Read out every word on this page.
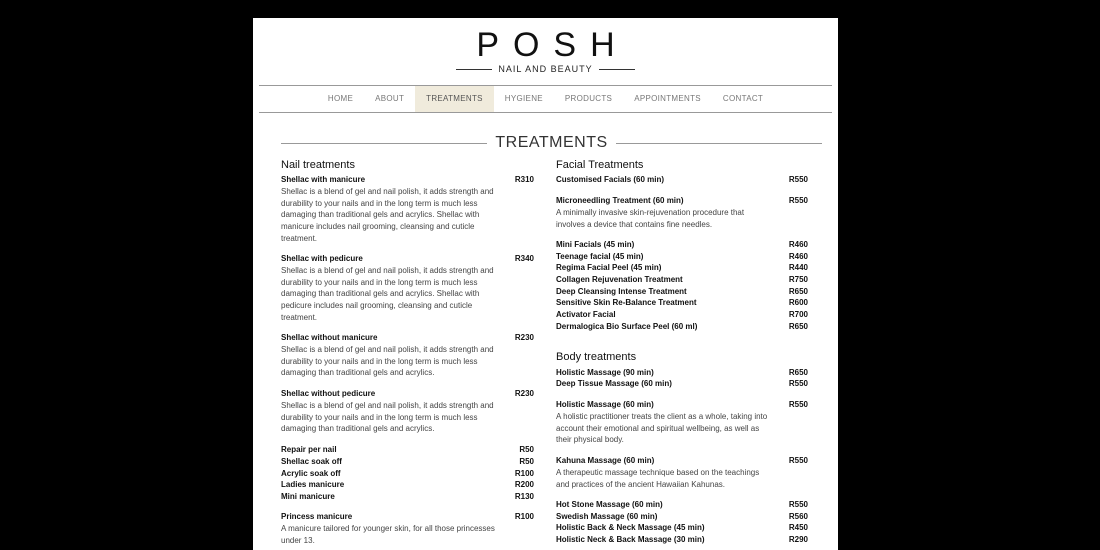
POSH
NAIL AND BEAUTY
HOME	ABOUT	TREATMENTS	HYGIENE	PRODUCTS	APPOINTMENTS	CONTACT
TREATMENTS
Nail treatments
Shellac with manicure	R310
Shellac is a blend of gel and nail polish, it adds strength and durability to your nails and in the long term is much less damaging than traditional gels and acrylics. Shellac with manicure includes nail grooming, cleansing and cuticle treatment.
Shellac with pedicure	R340
Shellac is a blend of gel and nail polish, it adds strength and durability to your nails and in the long term is much less damaging than traditional gels and acrylics. Shellac with pedicure includes nail grooming, cleansing and cuticle treatment.
Shellac without manicure	R230
Shellac is a blend of gel and nail polish, it adds strength and durability to your nails and in the long term is much less damaging than traditional gels and acrylics.
Shellac without pedicure	R230
Shellac is a blend of gel and nail polish, it adds strength and durability to your nails and in the long term is much less damaging than traditional gels and acrylics.
Repair per nail	R50
Shellac soak off	R50
Acrylic soak off	R100
Ladies manicure	R200
Mini manicure	R130
Princess manicure	R100
A manicure tailored for younger skin, for all those princesses under 13.
Facial Treatments
Customised Facials (60 min)	R550
Microneedling Treatment (60 min)	R550
A minimally invasive skin-rejuvenation procedure that involves a device that contains fine needles.
Mini Facials (45 min)	R460
Teenage facial (45 min)	R460
Regima Facial Peel (45 min)	R440
Collagen Rejuvenation Treatment	R750
Deep Cleansing Intense Treatment	R650
Sensitive Skin Re-Balance Treatment	R600
Activator Facial	R700
Dermalogica Bio Surface Peel (60 ml)	R650
Body treatments
Holistic Massage (90 min)	R650
Deep Tissue Massage (60 min)	R550
Holistic Massage (60 min)	R550
A holistic practitioner treats the client as a whole, taking into account their emotional and spiritual wellbeing, as well as their physical body.
Kahuna Massage (60 min)	R550
A therapeutic massage technique based on the teachings and practices of the ancient Hawaiian Kahunas.
Hot Stone Massage (60 min)	R550
Swedish Massage (60 min)	R560
Holistic Back & Neck Massage (45 min)	R450
Holistic Neck & Back Massage (30 min)	R290
